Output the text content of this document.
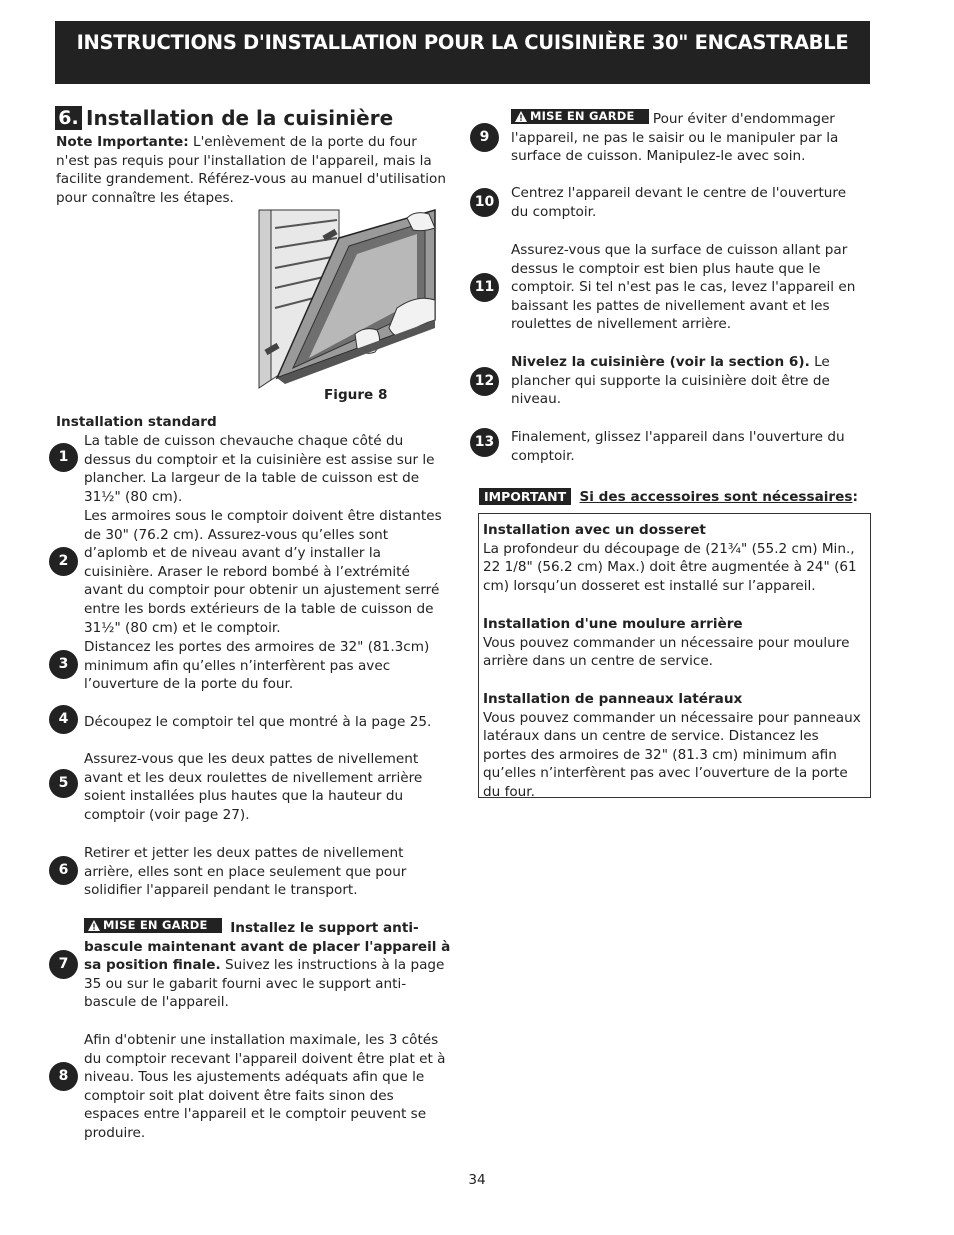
INSTRUCTIONS D'INSTALLATION POUR LA CUISINIÈRE 30" ENCASTRABLE
6. Installation de la cuisinière

Note Importante: L'enlèvement de la porte du four n'est pas requis pour l'installation de l'appareil, mais la facilite grandement. Référez-vous au manuel d'utilisation pour connaître les étapes.

Figure 8
Installation standard
1

La table de cuisson chevauche chaque côté du dessus du comptoir et la cuisinière est assise sur le plancher. La largeur de la table de cuisson est de 31½" (80 cm).

2

Les armoires sous le comptoir doivent être distantes de 30" (76.2 cm). Assurez-vous qu’elles sont d’aplomb et de niveau avant d’y installer la cuisinière. Araser le rebord bombé à l’extrémité avant du comptoir pour obtenir un ajustement serré entre les bords extérieurs de la table de cuisson de 31½" (80 cm) et le comptoir.

3

Distancez les portes des armoires de 32" (81.3cm) minimum afin qu’elles n’interfèrent pas avec l’ouverture de la porte du four.

4	Découpez le comptoir tel que montré à la page 25.

5

Assurez-vous que les deux pattes de nivellement avant et les deux roulettes de nivellement arrière soient installées plus hautes que la hauteur du comptoir (voir page 27).

6

Retirer et jetter les deux pattes de nivellement arrière, elles sont en place seulement que pour solidifier l'appareil pendant le transport.

7

MISE EN GARDE Installez le support anti-bascule maintenant avant de placer l'appareil à sa position finale. Suivez les instructions à la page 35 ou sur le gabarit fourni avec le support anti-bascule de l'appareil.

8

Afin d'obtenir une installation maximale, les 3 côtés du comptoir recevant l'appareil doivent être plat et à niveau. Tous les ajustements adéquats afin que le comptoir soit plat doivent être faits sinon des espaces entre l'appareil et le comptoir peuvent se produire.

9

MISE EN GARDE Pour éviter d'endommager l'appareil, ne pas le saisir ou le manipuler par la surface de cuisson. Manipulez-le avec soin.

10

Centrez l'appareil devant le centre de l'ouverture du comptoir.

11

Assurez-vous que la surface de cuisson allant par dessus le comptoir est bien plus haute que le comptoir. Si tel n'est pas le cas, levez l'appareil en baissant les pattes de nivellement avant et les roulettes de nivellement arrière.

12

Nivelez la cuisinière (voir la section 6). Le plancher qui supporte la cuisinière doit être de niveau.

13	Finalement, glissez l'appareil dans l'ouverture du comptoir.

IMPORTANT Si des accessoires sont nécessaires:
Installation avec un dosseret
La profondeur du découpage de (21¾" (55.2 cm) Min., 22 1/8" (56.2 cm) Max.) doit être augmentée à 24" (61 cm) lorsqu’un dosseret est installé sur l’appareil.
Installation d'une moulure arrière
Vous pouvez commander un nécessaire pour moulure arrière dans un centre de service.
Installation de panneaux latéraux
Vous pouvez commander un nécessaire pour panneaux latéraux dans un centre de service. Distancez les portes des armoires de 32" (81.3 cm) minimum afin qu’elles n’interfèrent pas avec l’ouverture de la porte du four.
34
